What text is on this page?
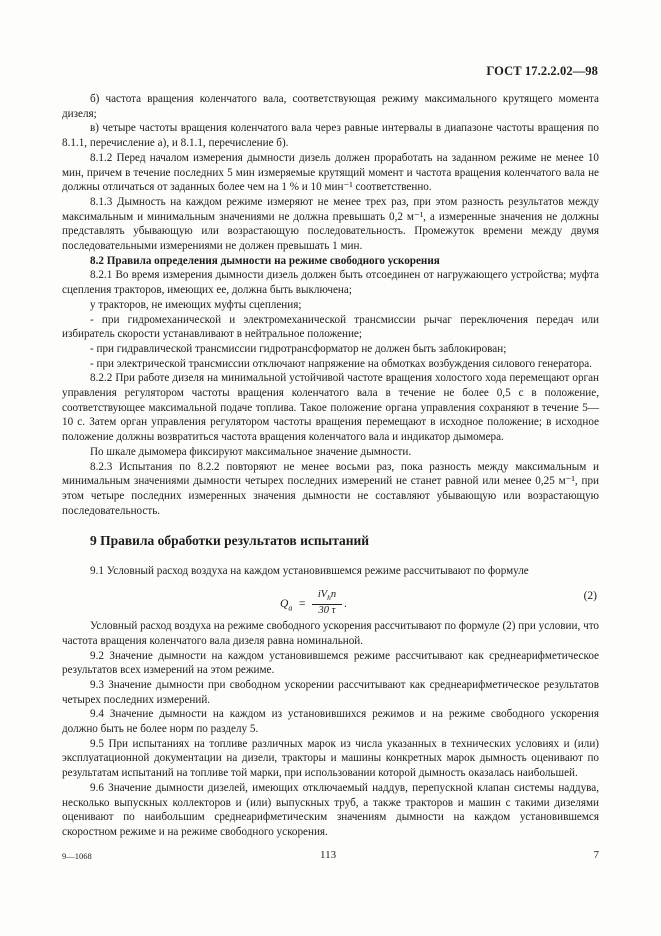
ГОСТ 17.2.2.02—98

б) частота вращения коленчатого вала, соответствующая режиму максимального крутящего момента дизеля;

в) четыре частоты вращения коленчатого вала через равные интервалы в диапазоне частоты вращения по 8.1.1, перечисление а), и 8.1.1, перечисление б).

8.1.2 Перед началом измерения дымности дизель должен проработать на заданном режиме не менее 10 мин, причем в течение последних 5 мин измеряемые крутящий момент и частота вращения коленчатого вала не должны отличаться от заданных более чем на 1 % и 10 мин⁻¹ соответственно.

8.1.3 Дымность на каждом режиме измеряют не менее трех раз, при этом разность результатов между максимальным и минимальным значениями не должна превышать 0,2 м⁻¹, а измеренные значения не должны представлять убывающую или возрастающую последовательность. Промежуток времени между двумя последовательными измерениями не должен превышать 1 мин.

8.2 Правила определения дымности на режиме свободного ускорения

8.2.1 Во время измерения дымности дизель должен быть отсоединен от нагружающего устройства; муфта сцепления тракторов, имеющих ее, должна быть выключена;

у тракторов, не имеющих муфты сцепления;

- при гидромеханической и электромеханической трансмиссии рычаг переключения передач или избиратель скорости устанавливают в нейтральное положение;

- при гидравлической трансмиссии гидротрансформатор не должен быть заблокирован;

- при электрической трансмиссии отключают напряжение на обмотках возбуждения силового генератора.

8.2.2 При работе дизеля на минимальной устойчивой частоте вращения холостого хода перемещают орган управления регулятором частоты вращения коленчатого вала в течение не более 0,5 с в положение, соответствующее максимальной подаче топлива. Такое положение органа управления сохраняют в течение 5—10 с. Затем орган управления регулятором частоты вращения перемещают в исходное положение; в исходное положение должны возвратиться частота вращения коленчатого вала и индикатор дымомера.

По шкале дымомера фиксируют максимальное значение дымности.

8.2.3 Испытания по 8.2.2 повторяют не менее восьми раз, пока разность между максимальным и минимальным значениями дымности четырех последних измерений не станет равной или менее 0,25 м⁻¹, при этом четыре последних измеренных значения дымности не составляют убывающую или возрастающую последовательность.

9 Правила обработки результатов испытаний

9.1 Условный расход воздуха на каждом установившемся режиме рассчитывают по формуле

$Q_a$ =
$iV_hn$
30 τ
.
(2)

Условный расход воздуха на режиме свободного ускорения рассчитывают по формуле (2) при условии, что частота вращения коленчатого вала дизеля равна номинальной.

9.2 Значение дымности на каждом установившемся режиме рассчитывают как среднеарифметическое результатов всех измерений на этом режиме.

9.3 Значение дымности при свободном ускорении рассчитывают как среднеарифметическое результатов четырех последних измерений.

9.4 Значение дымности на каждом из установившихся режимов и на режиме свободного ускорения должно быть не более норм по разделу 5.

9.5 При испытаниях на топливе различных марок из числа указанных в технических условиях и (или) эксплуатационной документации на дизели, тракторы и машины конкретных марок дымность оценивают по результатам испытаний на топливе той марки, при использовании которой дымность оказалась наибольшей.

9.6 Значение дымности дизелей, имеющих отключаемый наддув, перепускной клапан системы наддува, несколько выпускных коллекторов и (или) выпускных труб, а также тракторов и машин с такими дизелями оценивают по наибольшим среднеарифметическим значениям дымности на каждом установившемся скоростном режиме и на режиме свободного ускорения.

9—1068	113	7
